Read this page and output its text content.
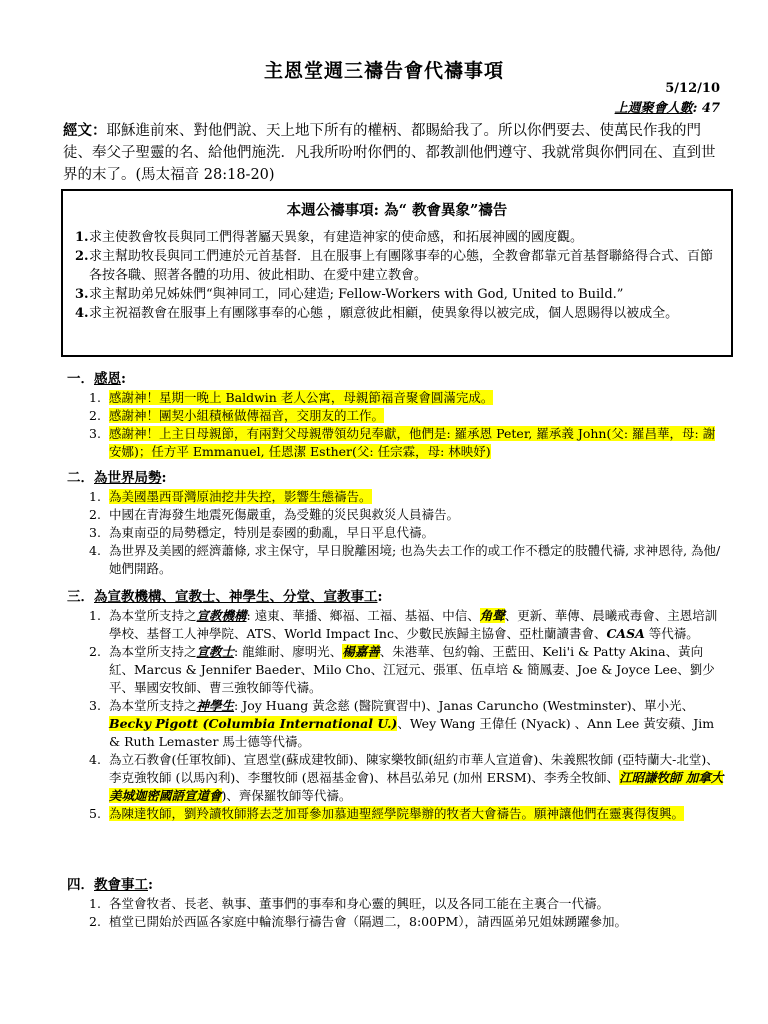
主恩堂週三禱告會代禱事項
5/12/10
上週聚會人數: 47
經文：耶穌進前來、對他們說、天上地下所有的權柄、都賜給我了。所以你們要去、使萬民作我的門徒、奉父子聖靈的名、給他們施洗．凡我所吩咐你們的、都教訓他們遵守、我就常與你們同在、直到世界的末了。(馬太福音 28:18-20)
本週公禱事項: 為“ 教會異象”禱告
1. 求主使教會牧長與同工們得著屬天異象，有建造神家的使命感，和拓展神國的國度觀。
2. 求主幫助牧長與同工們連於元首基督．且在服事上有團隊事奉的心態，全教會都靠元首基督聯絡得合式、百節各按各職、照著各體的功用、彼此相助、在愛中建立教會。
3. 求主幫助弟兄姊妹們“與神同工，同心建造; Fellow-Workers with God, United to Build.”
4. 求主祝福教會在服事上有團隊事奉的心態 ，願意彼此相顧，使異象得以被完成，個人恩賜得以被成全。
一．感恩:
1. 感謝神！星期一晚上 Baldwin 老人公寓，母親節福音聚會圓滿完成。
2. 感謝神！團契小組積極做傳福音，交朋友的工作。
3. 感謝神！上主日母親節，有兩對父母親帶領幼兒奉獻，他們是: 羅承恩 Peter, 羅承義 John(父: 羅昌華，母: 謝安娜)；任方平 Emmanuel, 任恩潔 Esther(父: 任宗霖，母: 林映妤)
二．為世界局勢:
1. 為美國墨西哥灣原油挖井失控，影響生態禱告。
2. 中國在青海發生地震死傷嚴重，為受難的災民與救災人員禱告。
3. 為東南亞的局勢穩定，特別是泰國的動亂，早日平息代禱。
4. 為世界及美國的經濟蕭條, 求主保守，早日脫離困境; 也為失去工作的或工作不穩定的肢體代禱, 求神恩待, 為他/她們開路。
三．為宣教機構、宣教士、神學生、分堂、宣教事工:
1. 為本堂所支持之宣教機構: 遠東、華播、鄉福、工福、基福、中信、角聲、更新、華傳、晨曦戒毒會、主恩培訓學校、基督工人神學院、ATS、World Impact Inc、少數民族歸主協會、亞杜蘭讀書會、CASA 等代禱。
2. 為本堂所支持之宣教士: 龍維耐、廖明光、楊嘉善、朱港華、包約翰、王藍田、Keli'i & Patty Akina、黃向紅、Marcus & Jennifer Baeder、Milo Cho、江冠元、張軍、伍卓培 & 簡鳳妻、Joe & Joyce Lee、劉少平、畢國安牧師、曹三強牧師等代禱。
3. 為本堂所支持之神學生: Joy Huang 黃念慈 (醫院實習中)、Janas Caruncho (Westminster)、單小光、Becky Pigott (Columbia International U.)、Wey Wang 王偉任 (Nyack) 、Ann Lee 黃安蘋、Jim & Ruth Lemaster 馬士德等代禱。
4. 為立石教會(任軍牧師)、宣恩堂(蘇成建牧師)、陳家樂牧師(紐約市華人宣道會)、朱義熙牧師 (亞特蘭大-北堂)、李克強牧師 (以馬內利)、李璽牧師 (恩福基金會)、林昌弘弟兄 (加州 ERSM)、李秀全牧師、江昭謙牧師 加拿大美城迦密國語宣道會)、齊保羅牧師等代禱。
5. 為陳達牧師，劉羚讀牧師將去芝加哥參加慕迪聖經學院舉辦的牧者大會禱告。願神讓他們在靈裏得復興。
四．教會事工:
1. 各堂會牧者、長老、執事、董事們的事奉和身心靈的興旺，以及各同工能在主裏合一代禱。
2. 植堂已開始於西區各家庭中輪流舉行禱告會（隔週二，8:00PM），請西區弟兄姐妹踴躍參加。
